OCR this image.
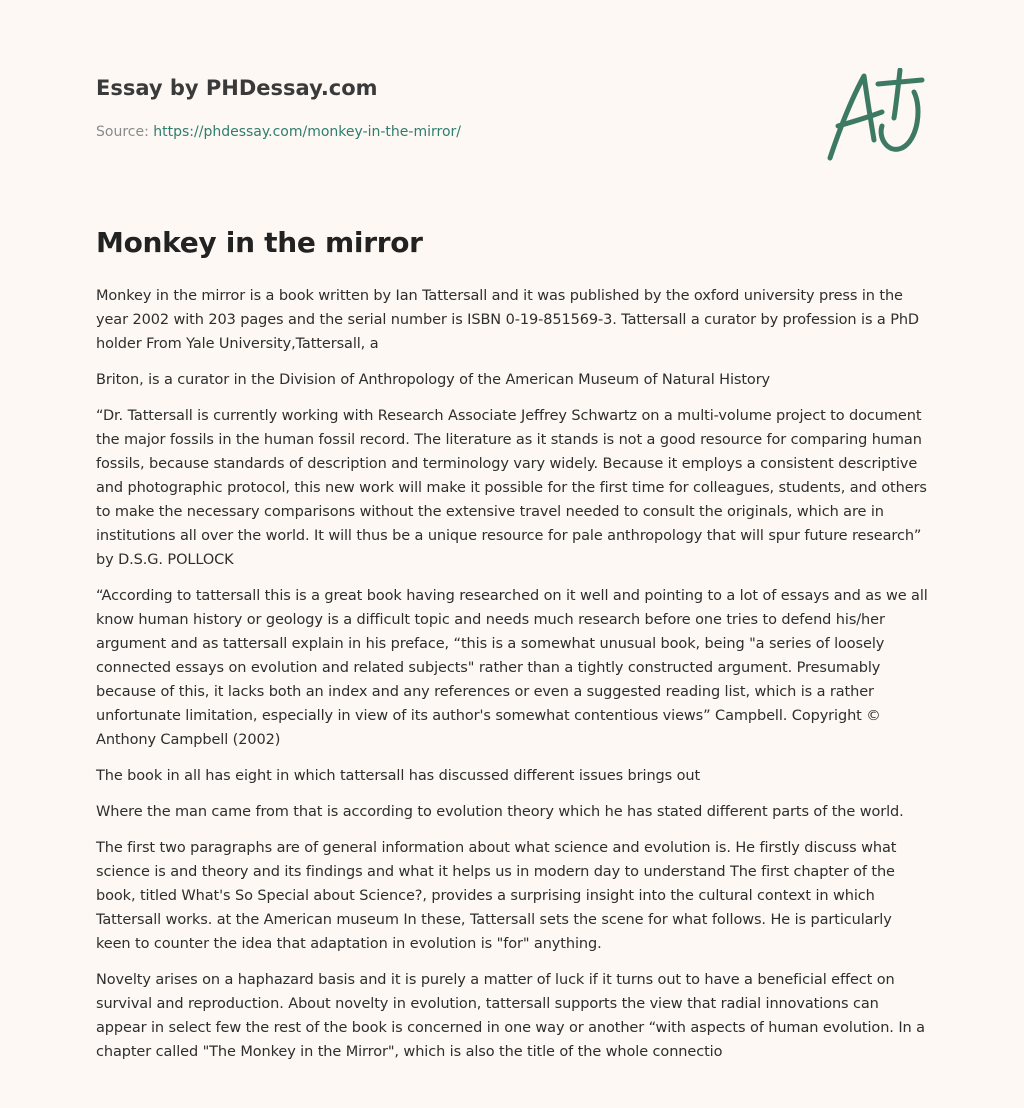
Essay by PHDessay.com

Source: https://phdessay.com/monkey-in-the-mirror/

Monkey in the mirror

Monkey in the mirror is a book written by Ian Tattersall and it was published by the oxford university press in the year 2002 with 203 pages and the serial number is ISBN 0-19-851569-3. Tattersall a curator by profession is a PhD holder From Yale University,Tattersall, a

Briton, is a curator in the Division of Anthropology of the American Museum of Natural History

“Dr. Tattersall is currently working with Research Associate Jeffrey Schwartz on a multi-volume project to document the major fossils in the human fossil record. The literature as it stands is not a good resource for comparing human fossils, because standards of description and terminology vary widely. Because it employs a consistent descriptive and photographic protocol, this new work will make it possible for the first time for colleagues, students, and others to make the necessary comparisons without the extensive travel needed to consult the originals, which are in institutions all over the world. It will thus be a unique resource for pale anthropology that will spur future research” by D.S.G. POLLOCK

“According to tattersall this is a great book having researched on it well and pointing to a lot of essays and as we all know human history or geology is a difficult topic and needs much research before one tries to defend his/her argument and as tattersall explain in his preface, “this is a somewhat unusual book, being "a series of loosely connected essays on evolution and related subjects" rather than a tightly constructed argument. Presumably because of this, it lacks both an index and any references or even a suggested reading list, which is a rather unfortunate limitation, especially in view of its author's somewhat contentious views” Campbell. Copyright © Anthony Campbell (2002)

The book in all has eight in which tattersall has discussed different issues brings out

Where the man came from that is according to evolution theory which he has stated different parts of the world.

The first two paragraphs are of general information about what science and evolution is. He firstly discuss what science is and theory and its findings and what it helps us in modern day to understand The first chapter of the book, titled What's So Special about Science?, provides a surprising insight into the cultural context in which Tattersall works. at the American museum In these, Tattersall sets the scene for what follows. He is particularly keen to counter the idea that adaptation in evolution is "for" anything.

Novelty arises on a haphazard basis and it is purely a matter of luck if it turns out to have a beneficial effect on survival and reproduction. About novelty in evolution, tattersall supports the view that radial innovations can appear in select few the rest of the book is concerned in one way or another “with aspects of human evolution. In a chapter called "The Monkey in the Mirror", which is also the title of the whole connectio
